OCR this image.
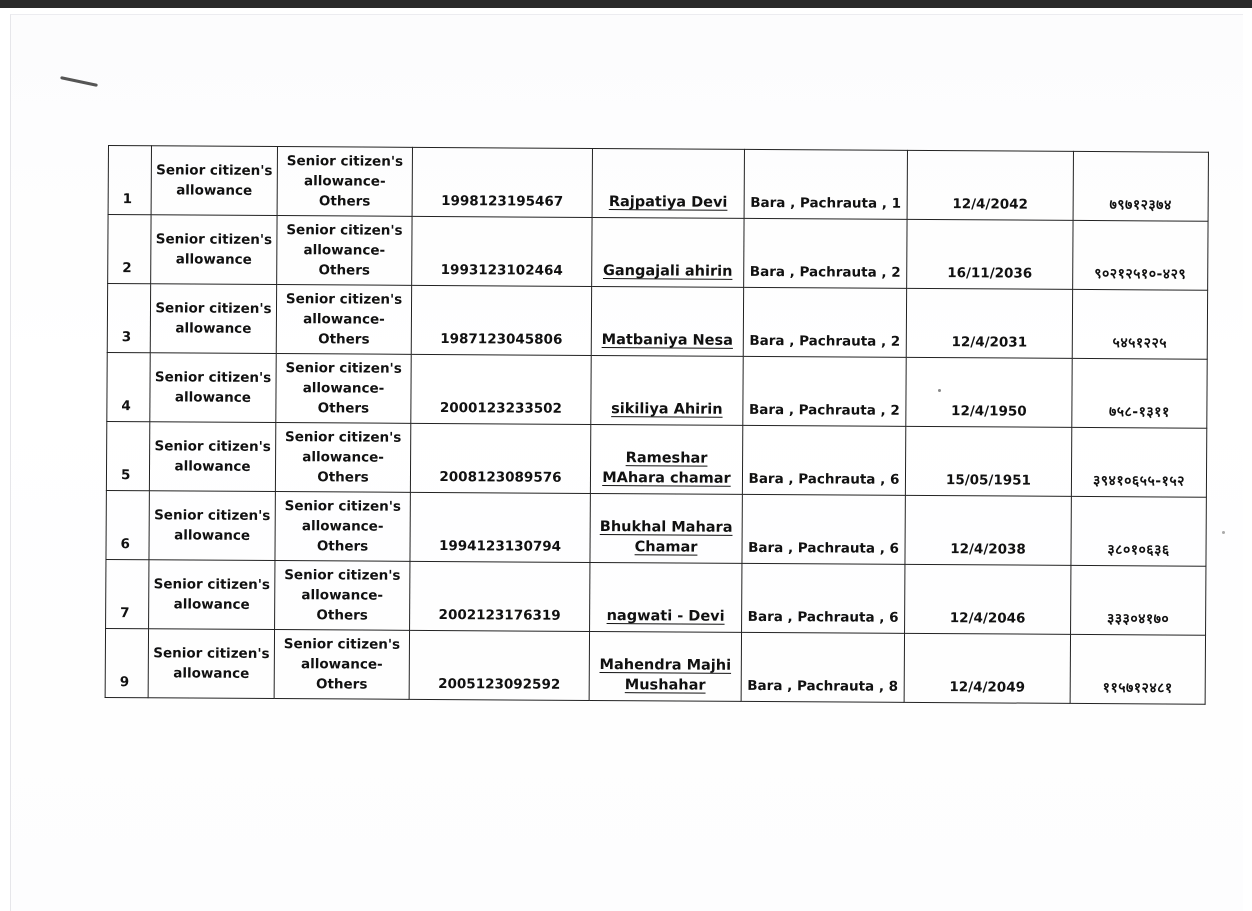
1	Senior citizen's allowance	Senior citizen's allowance-Others	1998123195467	Rajpatiya Devi	Bara , Pachrauta , 1	12/4/2042	७९७१२३७४
2	Senior citizen's allowance	Senior citizen's allowance-Others	1993123102464	Gangajali ahirin	Bara , Pachrauta , 2	16/11/2036	९०२१२५१०-४२९
3	Senior citizen's allowance	Senior citizen's allowance-Others	1987123045806	Matbaniya Nesa	Bara , Pachrauta , 2	12/4/2031	५४५१२२५
4	Senior citizen's allowance	Senior citizen's allowance-Others	2000123233502	sikiliya Ahirin	Bara , Pachrauta , 2	12/4/1950	७५८-१३११
5	Senior citizen's allowance	Senior citizen's allowance-Others	2008123089576	Rameshar MAhara chamar	Bara , Pachrauta , 6	15/05/1951	३९४१०६५५-१५२
6	Senior citizen's allowance	Senior citizen's allowance-Others	1994123130794	Bhukhal Mahara Chamar	Bara , Pachrauta , 6	12/4/2038	३८०१०६३६
7	Senior citizen's allowance	Senior citizen's allowance-Others	2002123176319	nagwati - Devi	Bara , Pachrauta , 6	12/4/2046	३३३०४१७०
9	Senior citizen's allowance	Senior citizen's allowance-Others	2005123092592	Mahendra Majhi Mushahar	Bara , Pachrauta , 8	12/4/2049	११५७१२४८१
